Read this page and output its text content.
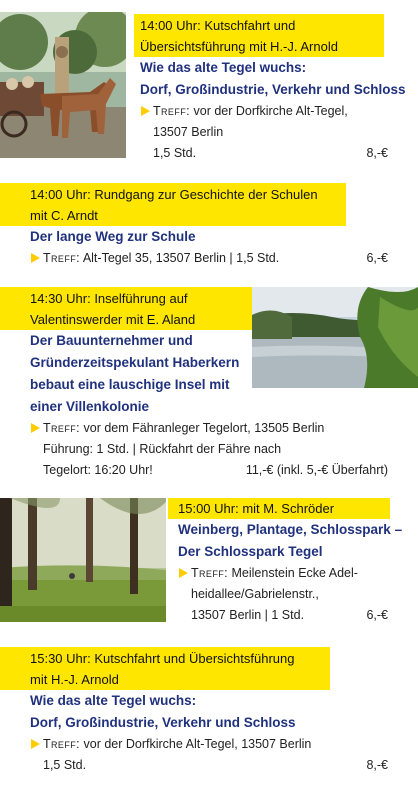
14:00 Uhr: Kutschfahrt und
Übersichtsführung mit H.-J. Arnold
Wie das alte Tegel wuchs:
Dorf, Großindustrie, Verkehr und Schloss
Treff: vor der Dorfkirche Alt-Tegel,
13507 Berlin
1,5 Std.	8,-€
14:00 Uhr: Rundgang zur Geschichte der Schulen
mit C. Arndt
Der lange Weg zur Schule
Treff: Alt-Tegel 35, 13507 Berlin | 1,5 Std.	6,-€
14:30 Uhr: Inselführung auf
Valentinswerder mit E. Aland
Der Bauunternehmer und
Gründerzeitspekulant Haberkern
bebaut eine lauschige Insel mit
einer Villenkolonie
Treff: vor dem Fähranleger Tegelort, 13505 Berlin
Führung: 1 Std. | Rückfahrt der Fähre nach
Tegelort: 16:20 Uhr!	11,-€ (inkl. 5,-€ Überfahrt)
15:00 Uhr: mit M. Schröder
Weinberg, Plantage, Schlosspark –
Der Schlosspark Tegel
Treff: Meilenstein Ecke Adel-
heidallee/Gabrielenstr.,
13507 Berlin | 1 Std.	6,-€
15:30 Uhr: Kutschfahrt und Übersichtsführung
mit H.-J. Arnold
Wie das alte Tegel wuchs:
Dorf, Großindustrie, Verkehr und Schloss
Treff: vor der Dorfkirche Alt-Tegel, 13507 Berlin
1,5 Std.	8,-€
